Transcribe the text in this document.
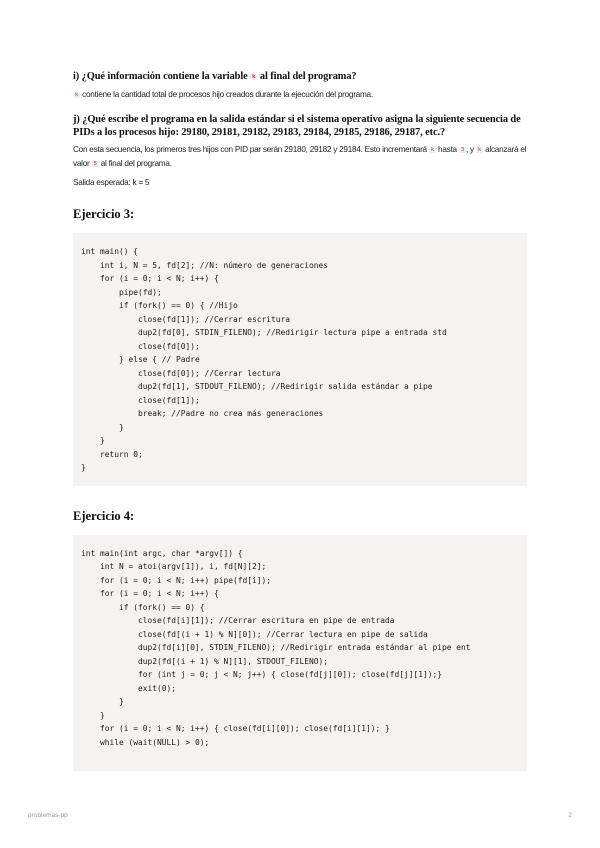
i) ¿Qué información contiene la variable k al final del programa?

k contiene la cantidad total de procesos hijo creados durante la ejecución del programa.

j) ¿Qué escribe el programa en la salida estándar si el sistema operativo asigna la siguiente secuencia de PIDs a los procesos hijo: 29180, 29181, 29182, 29183, 29184, 29185, 29186, 29187, etc.?

Con esta secuencia, los primeros tres hijos con PID par serán 29180, 29182 y 29184. Esto incrementará k hasta 3 , y k alcanzará el valor 5 al final del programa.

Salida esperada: k = 5

Ejercicio 3:
int main() {
int i, N = 5, fd[2]; //N: número de generaciones
for (i = 0; i < N; i++) {
pipe(fd);
if (fork() == 0) { //Hijo
close(fd[1]); //Cerrar escritura
dup2(fd[0], STDIN_FILENO); //Redirigir lectura pipe a entrada std
close(fd[0]);
} else { // Padre
close(fd[0]); //Cerrar lectura
dup2(fd[1], STDOUT_FILENO); //Redirigir salida estándar a pipe
close(fd[1]);
break; //Padre no crea más generaciones
}
}
return 0;
}
Ejercicio 4:
int main(int argc, char *argv[]) {
int N = atoi(argv[1]), i, fd[N][2];
for (i = 0; i < N; i++) pipe(fd[i]);
for (i = 0; i < N; i++) {
if (fork() == 0) {
close(fd[i][1]); //Cerrar escritura en pipe de entrada
close(fd[(i + 1) % N][0]); //Cerrar lectura en pipe de salida
dup2(fd[i][0], STDIN_FILENO); //Redirigir entrada estándar al pipe ent
dup2(fd[(i + 1) % N][1], STDOUT_FILENO);
for (int j = 0; j < N; j++) { close(fd[j][0]); close(fd[j][1]);}
exit(0);
}
}
for (i = 0; i < N; i++) { close(fd[i][0]); close(fd[i][1]); }
while (wait(NULL) > 0);

problemas-pp	2
